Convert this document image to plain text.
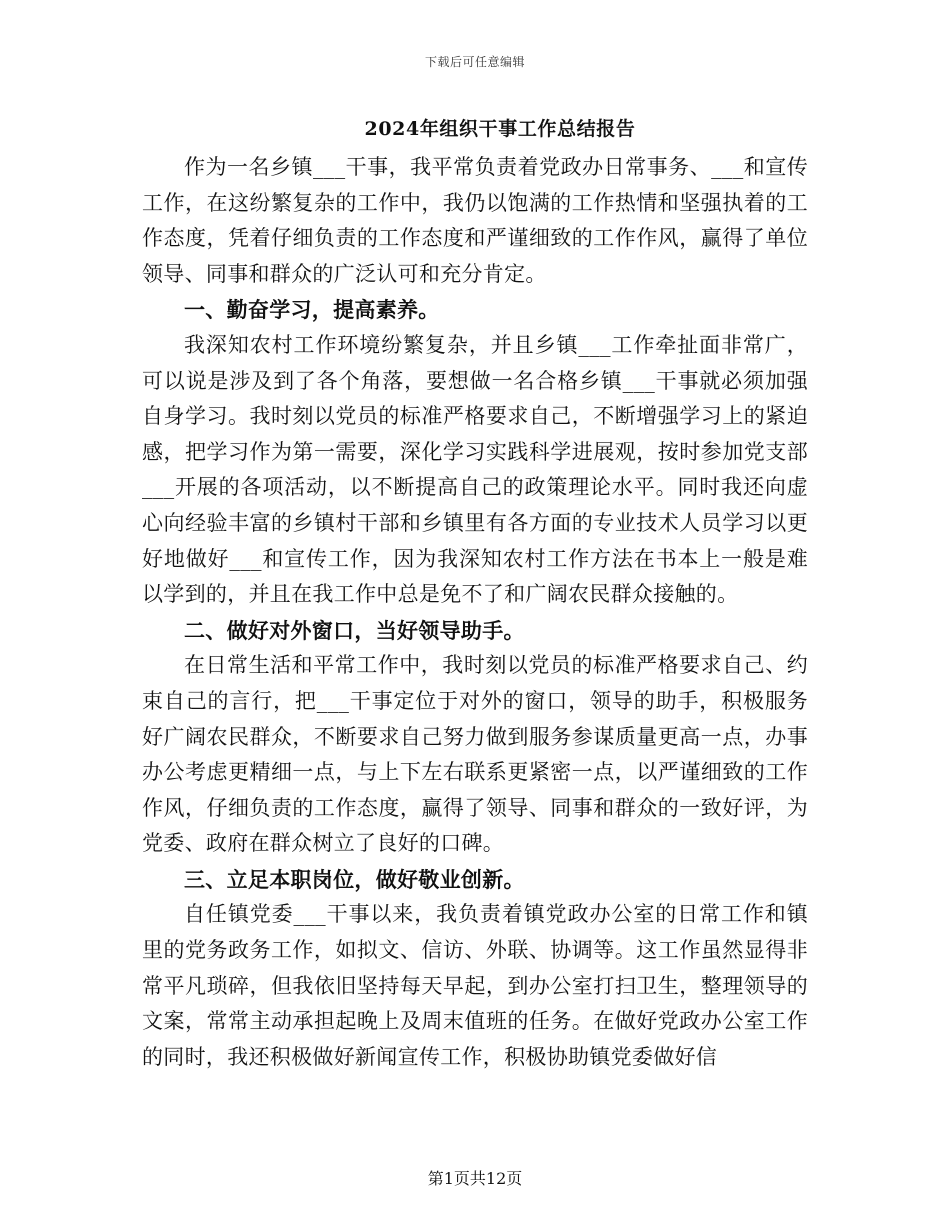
下载后可任意编辑
2024年组织干事工作总结报告

作为一名乡镇___干事，我平常负责着党政办日常事务、___和宣传工作，在这纷繁复杂的工作中，我仍以饱满的工作热情和坚强执着的工作态度，凭着仔细负责的工作态度和严谨细致的工作作风，赢得了单位领导、同事和群众的广泛认可和充分肯定。

一、勤奋学习，提高素养。

我深知农村工作环境纷繁复杂，并且乡镇___工作牵扯面非常广，可以说是涉及到了各个角落，要想做一名合格乡镇___干事就必须加强自身学习。我时刻以党员的标准严格要求自己，不断增强学习上的紧迫感，把学习作为第一需要，深化学习实践科学进展观，按时参加党支部___开展的各项活动，以不断提高自己的政策理论水平。同时我还向虚心向经验丰富的乡镇村干部和乡镇里有各方面的专业技术人员学习以更好地做好___和宣传工作，因为我深知农村工作方法在书本上一般是难以学到的，并且在我工作中总是免不了和广阔农民群众接触的。

二、做好对外窗口，当好领导助手。

在日常生活和平常工作中，我时刻以党员的标准严格要求自己、约束自己的言行，把___干事定位于对外的窗口，领导的助手，积极服务好广阔农民群众，不断要求自己努力做到服务参谋质量更高一点，办事办公考虑更精细一点，与上下左右联系更紧密一点，以严谨细致的工作作风，仔细负责的工作态度，赢得了领导、同事和群众的一致好评，为党委、政府在群众树立了良好的口碑。

三、立足本职岗位，做好敬业创新。

自任镇党委___干事以来，我负责着镇党政办公室的日常工作和镇里的党务政务工作，如拟文、信访、外联、协调等。这工作虽然显得非常平凡琐碎，但我依旧坚持每天早起，到办公室打扫卫生，整理领导的文案，常常主动承担起晚上及周末值班的任务。在做好党政办公室工作的同时，我还积极做好新闻宣传工作，积极协助镇党委做好信

第1页共12页
